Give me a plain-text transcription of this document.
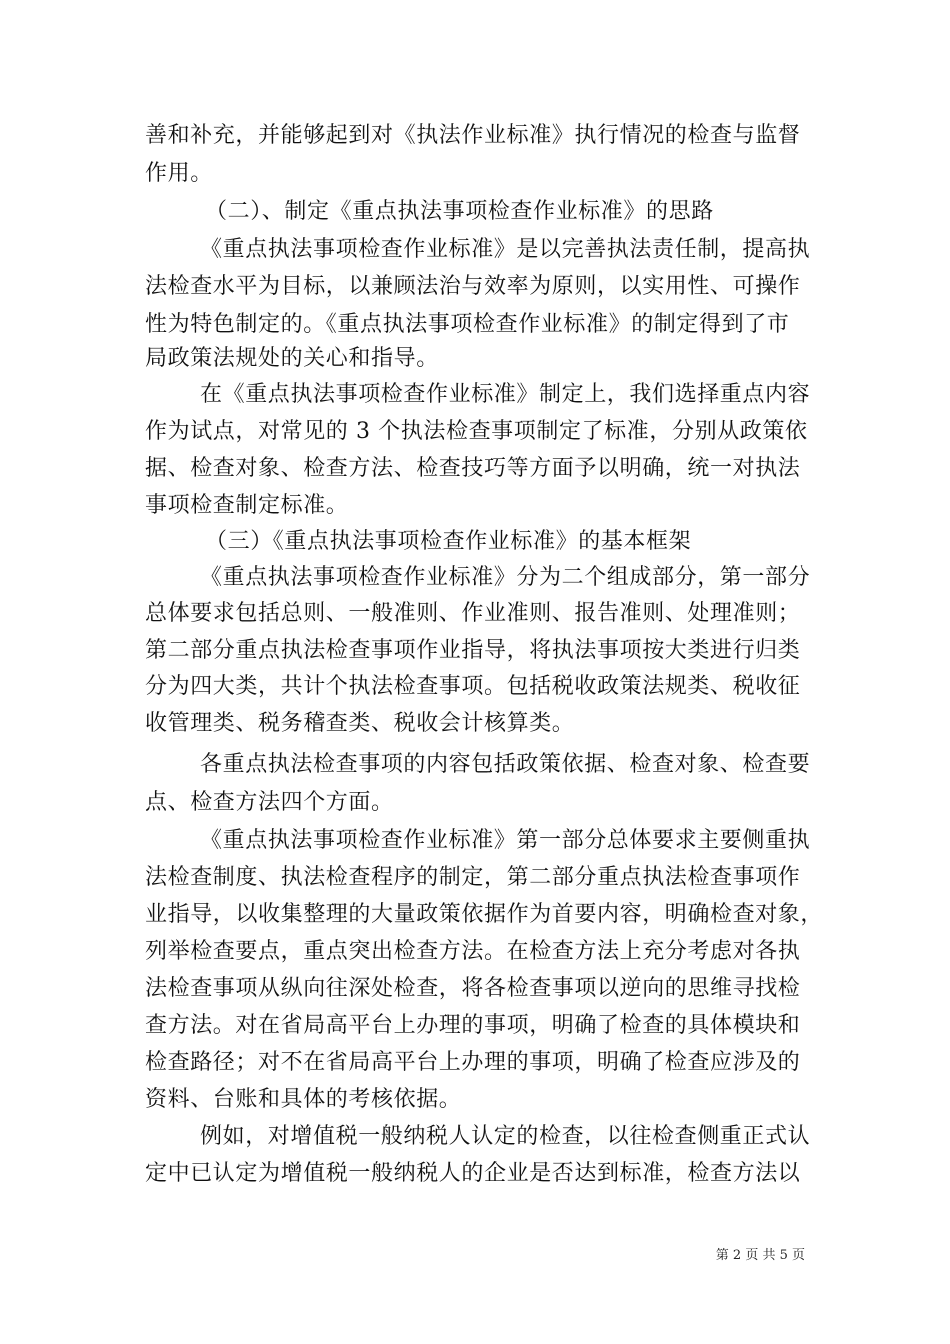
善和补充，并能够起到对《执法作业标准》执行情况的检查与监督
作用。
（二）、制定《重点执法事项检查作业标准》的思路
《重点执法事项检查作业标准》是以完善执法责任制，提高执
法检查水平为目标，以兼顾法治与效率为原则，以实用性、可操作
性为特色制定的。《重点执法事项检查作业标准》的制定得到了市
局政策法规处的关心和指导。
在《重点执法事项检查作业标准》制定上，我们选择重点内容
作为试点，对常见的 3 个执法检查事项制定了标准，分别从政策依
据、检查对象、检查方法、检查技巧等方面予以明确，统一对执法
事项检查制定标准。
（三）《重点执法事项检查作业标准》的基本框架
《重点执法事项检查作业标准》分为二个组成部分，第一部分
总体要求包括总则、一般准则、作业准则、报告准则、处理准则；
第二部分重点执法检查事项作业指导，将执法事项按大类进行归类
分为四大类，共计个执法检查事项。包括税收政策法规类、税收征
收管理类、税务稽查类、税收会计核算类。
各重点执法检查事项的内容包括政策依据、检查对象、检查要
点、检查方法四个方面。
《重点执法事项检查作业标准》第一部分总体要求主要侧重执
法检查制度、执法检查程序的制定，第二部分重点执法检查事项作
业指导，以收集整理的大量政策依据作为首要内容，明确检查对象，
列举检查要点，重点突出检查方法。在检查方法上充分考虑对各执
法检查事项从纵向往深处检查，将各检查事项以逆向的思维寻找检
查方法。对在省局高平台上办理的事项，明确了检查的具体模块和
检查路径；对不在省局高平台上办理的事项，明确了检查应涉及的
资料、台账和具体的考核依据。
例如，对增值税一般纳税人认定的检查，以往检查侧重正式认
定中已认定为增值税一般纳税人的企业是否达到标准，检查方法以
第 2 页 共 5 页
